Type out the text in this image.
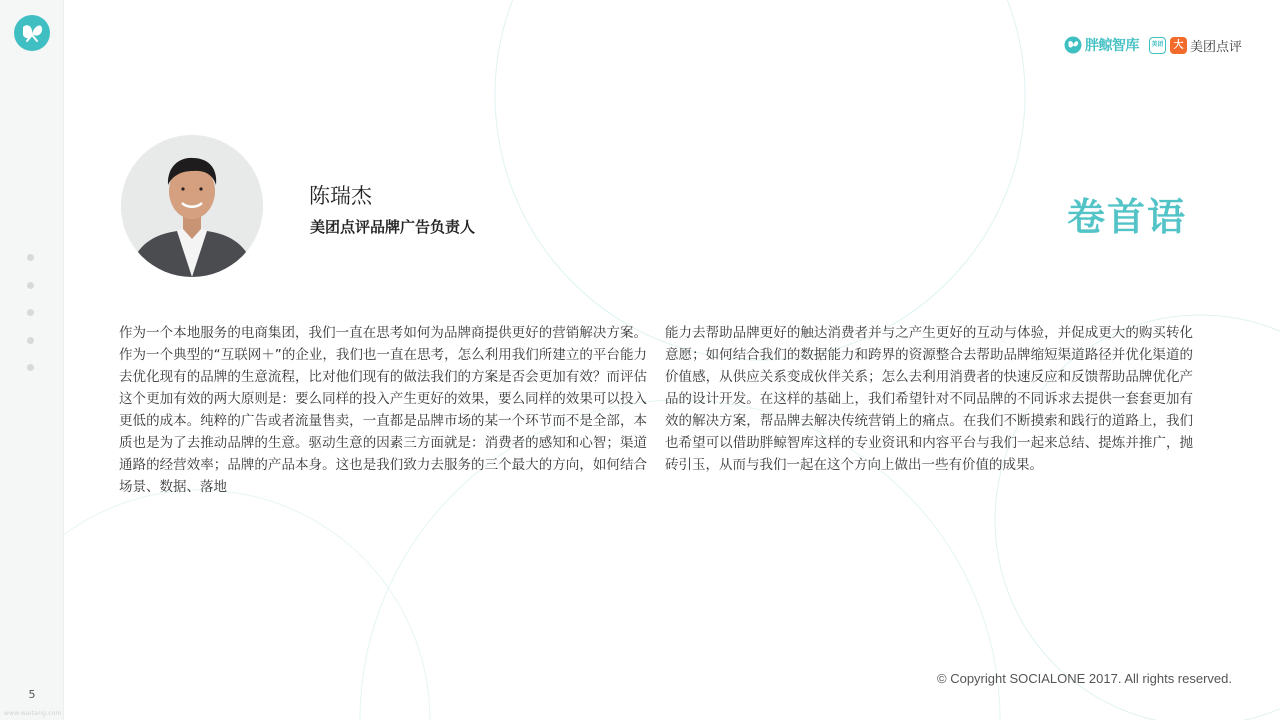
5
www.waitang.com
胖鲸智库	美团	大 美团点评
陈瑞杰
美团点评品牌广告负责人	卷首语
作为一个本地服务的电商集团，我们一直在思考如何为品牌商提供更好的营销解决方案。作为一个典型的“互联网＋”的企业，我们也一直在思考，怎么利用我们所建立的平台能力去优化现有的品牌的生意流程，比对他们现有的做法我们的方案是否会更加有效？而评估这个更加有效的两大原则是：要么同样的投入产生更好的效果，要么同样的效果可以投入更低的成本。纯粹的广告或者流量售卖，一直都是品牌市场的某一个环节而不是全部，本质也是为了去推动品牌的生意。驱动生意的因素三方面就是：消费者的感知和心智；渠道通路的经营效率；品牌的产品本身。这也是我们致力去服务的三个最大的方向，如何结合场景、数据、落地
能力去帮助品牌更好的触达消费者并与之产生更好的互动与体验，并促成更大的购买转化意愿；如何结合我们的数据能力和跨界的资源整合去帮助品牌缩短渠道路径并优化渠道的价值感，从供应关系变成伙伴关系；怎么去利用消费者的快速反应和反馈帮助品牌优化产品的设计开发。在这样的基础上，我们希望针对不同品牌的不同诉求去提供一套套更加有效的解决方案，帮品牌去解决传统营销上的痛点。在我们不断摸索和践行的道路上，我们也希望可以借助胖鲸智库这样的专业资讯和内容平台与我们一起来总结、提炼并推广，抛砖引玉，从而与我们一起在这个方向上做出一些有价值的成果。
© Copyright SOCIALONE 2017. All rights reserved.
